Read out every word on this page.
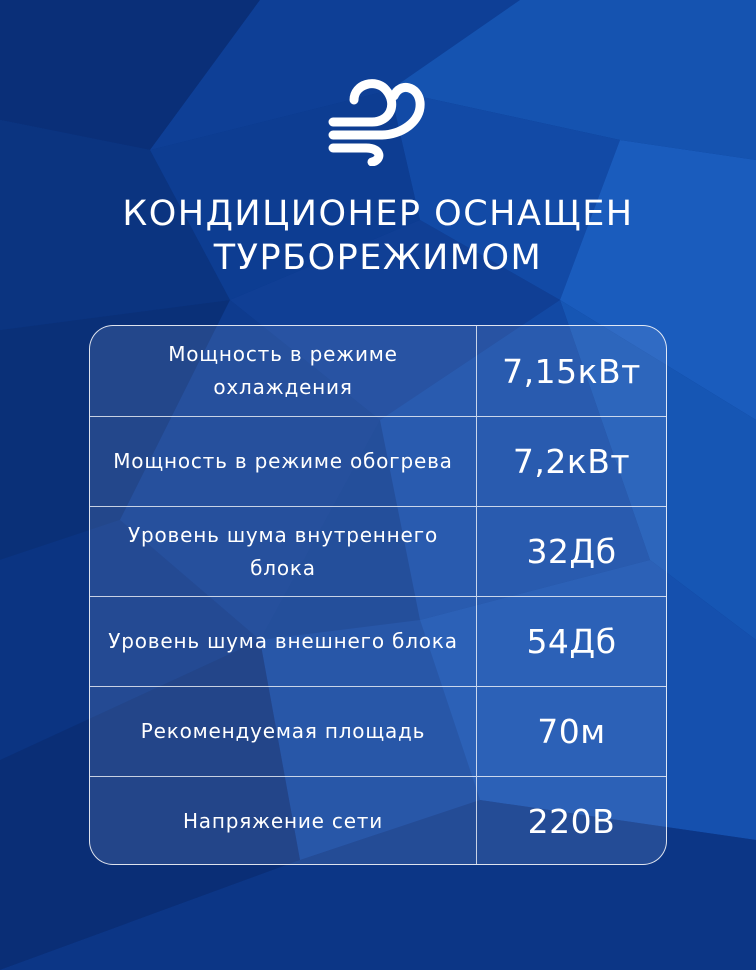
КОНДИЦИОНЕР ОСНАЩЕН
ТУРБОРЕЖИМОМ
Мощность в режиме охлаждения	7,15кВт
Мощность в режиме обогрева	7,2кВт
Уровень шума внутреннего блока	32Дб
Уровень шума внешнего блока	54Дб
Рекомендуемая площадь	70м
Напряжение сети	220В
